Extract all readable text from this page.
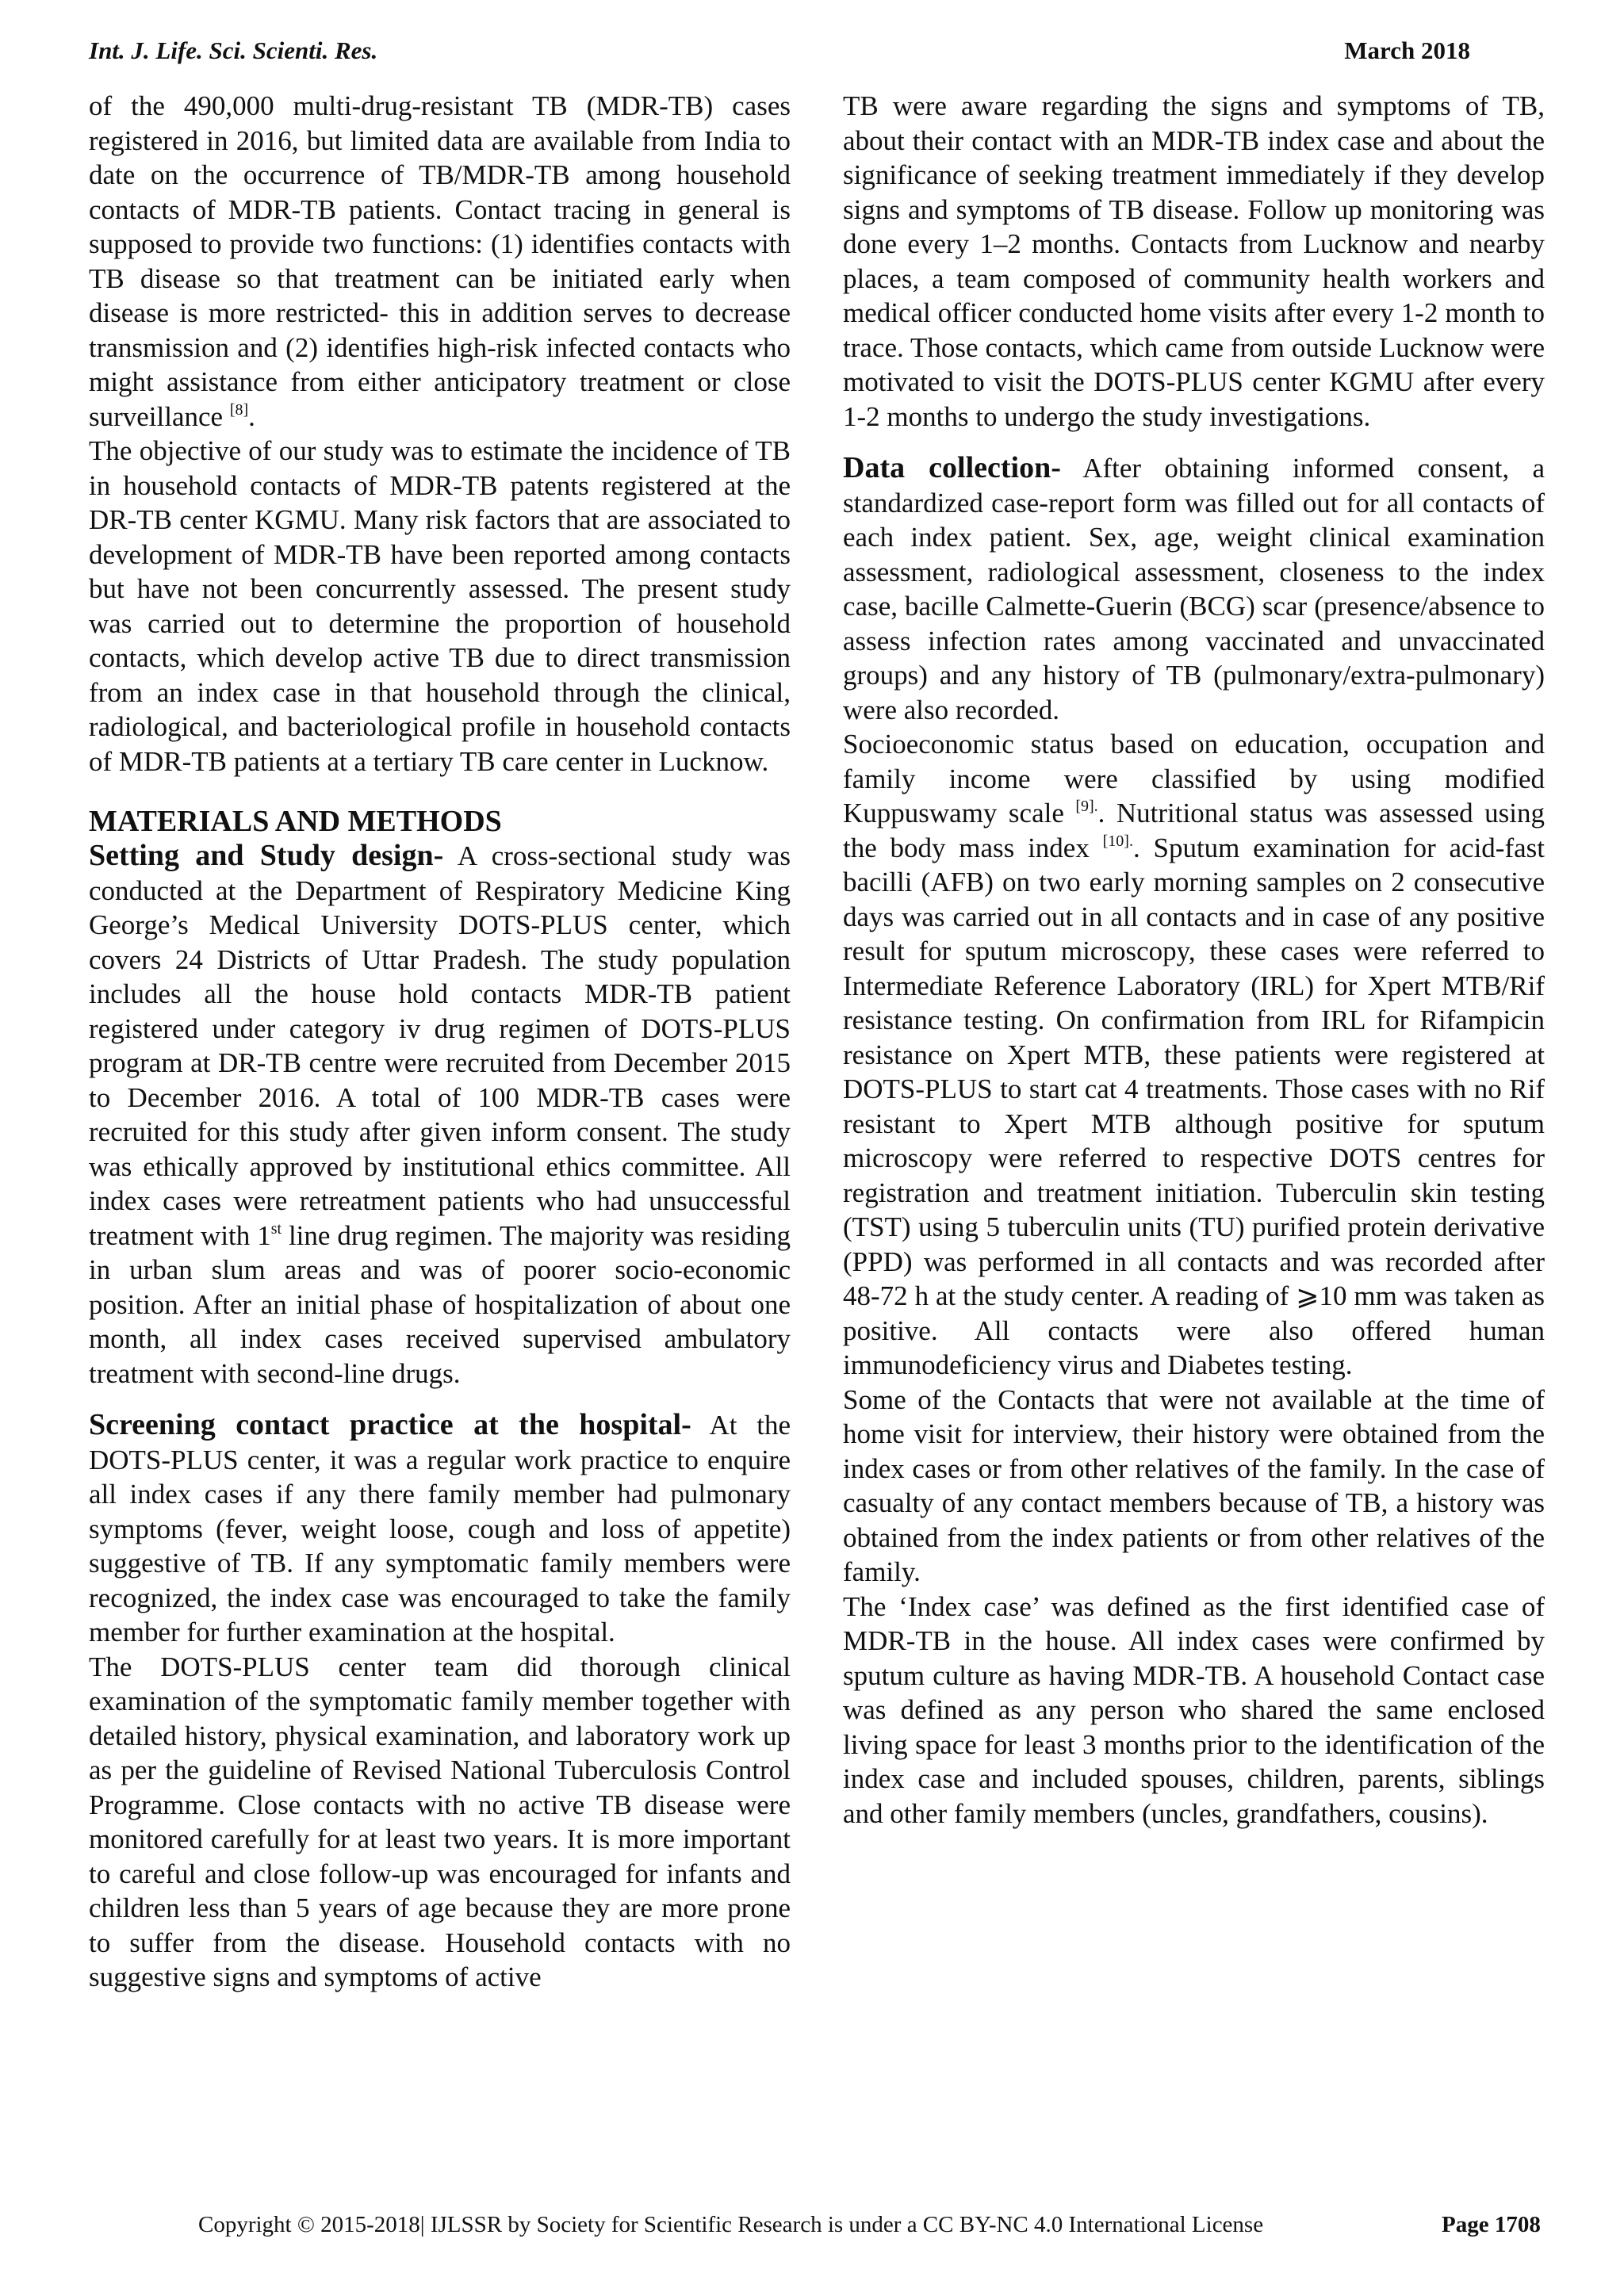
Int. J. Life. Sci. Scienti. Res.	March 2018

of the 490,000 multi-drug-resistant TB (MDR-TB) cases registered in 2016, but limited data are available from India to date on the occurrence of TB/MDR-TB among household contacts of MDR-TB patients. Contact tracing in general is supposed to provide two functions: (1) identifies contacts with TB disease so that treatment can be initiated early when disease is more restricted- this in addition serves to decrease transmission and (2) identifies high-risk infected contacts who might assistance from either anticipatory treatment or close surveillance [8].

The objective of our study was to estimate the incidence of TB in household contacts of MDR-TB patents registered at the DR-TB center KGMU. Many risk factors that are associated to development of MDR-TB have been reported among contacts but have not been concurrently assessed. The present study was carried out to determine the proportion of household contacts, which develop active TB due to direct transmission from an index case in that household through the clinical, radiological, and bacteriological profile in household contacts of MDR-TB patients at a tertiary TB care center in Lucknow.

MATERIALS AND METHODS

Setting and Study design- A cross-sectional study was conducted at the Department of Respiratory Medicine King George’s Medical University DOTS-PLUS center, which covers 24 Districts of Uttar Pradesh. The study population includes all the house hold contacts MDR-TB patient registered under category iv drug regimen of DOTS-PLUS program at DR-TB centre were recruited from December 2015 to December 2016. A total of 100 MDR-TB cases were recruited for this study after given inform consent. The study was ethically approved by institutional ethics committee. All index cases were retreatment patients who had unsuccessful treatment with 1st line drug regimen. The majority was residing in urban slum areas and was of poorer socio-economic position. After an initial phase of hospitalization of about one month, all index cases received supervised ambulatory treatment with second-line drugs.

Screening contact practice at the hospital- At the DOTS-PLUS center, it was a regular work practice to enquire all index cases if any there family member had pulmonary symptoms (fever, weight loose, cough and loss of appetite) suggestive of TB. If any symptomatic family members were recognized, the index case was encouraged to take the family member for further examination at the hospital.

The DOTS-PLUS center team did thorough clinical examination of the symptomatic family member together with detailed history, physical examination, and laboratory work up as per the guideline of Revised National Tuberculosis Control Programme. Close contacts with no active TB disease were monitored carefully for at least two years. It is more important to careful and close follow-up was encouraged for infants and children less than 5 years of age because they are more prone to suffer from the disease. Household contacts with no suggestive signs and symptoms of active

TB were aware regarding the signs and symptoms of TB, about their contact with an MDR-TB index case and about the significance of seeking treatment immediately if they develop signs and symptoms of TB disease. Follow up monitoring was done every 1–2 months. Contacts from Lucknow and nearby places, a team composed of community health workers and medical officer conducted home visits after every 1-2 month to trace. Those contacts, which came from outside Lucknow were motivated to visit the DOTS-PLUS center KGMU after every 1-2 months to undergo the study investigations.

Data collection- After obtaining informed consent, a standardized case-report form was filled out for all contacts of each index patient. Sex, age, weight clinical examination assessment, radiological assessment, closeness to the index case, bacille Calmette-Guerin (BCG) scar (presence/absence to assess infection rates among vaccinated and unvaccinated groups) and any history of TB (pulmonary/extra-pulmonary) were also recorded.

Socioeconomic status based on education, occupation and family income were classified by using modified Kuppuswamy scale $^{[9].}$. Nutritional status was assessed using the body mass index $^{[10].}$. Sputum examination for acid-fast bacilli (AFB) on two early morning samples on 2 consecutive days was carried out in all contacts and in case of any positive result for sputum microscopy, these cases were referred to Intermediate Reference Laboratory (IRL) for Xpert MTB/Rif resistance testing. On confirmation from IRL for Rifampicin resistance on Xpert MTB, these patients were registered at DOTS-PLUS to start cat 4 treatments. Those cases with no Rif resistant to Xpert MTB although positive for sputum microscopy were referred to respective DOTS centres for registration and treatment initiation. Tuberculin skin testing (TST) using 5 tuberculin units (TU) purified protein derivative (PPD) was performed in all contacts and was recorded after 48-72 h at the study center. A reading of ⩾10 mm was taken as positive. All contacts were also offered human immunodeficiency virus and Diabetes testing.

Some of the Contacts that were not available at the time of home visit for interview, their history were obtained from the index cases or from other relatives of the family. In the case of casualty of any contact members because of TB, a history was obtained from the index patients or from other relatives of the family.

The ‘Index case’ was defined as the first identified case of MDR-TB in the house. All index cases were confirmed by sputum culture as having MDR-TB. A household Contact case was defined as any person who shared the same enclosed living space for least 3 months prior to the identification of the index case and included spouses, children, parents, siblings and other family members (uncles, grandfathers, cousins).

Copyright © 2015-2018| IJLSSR by Society for Scientific Research is under a CC BY-NC 4.0 International License	Page 1708
